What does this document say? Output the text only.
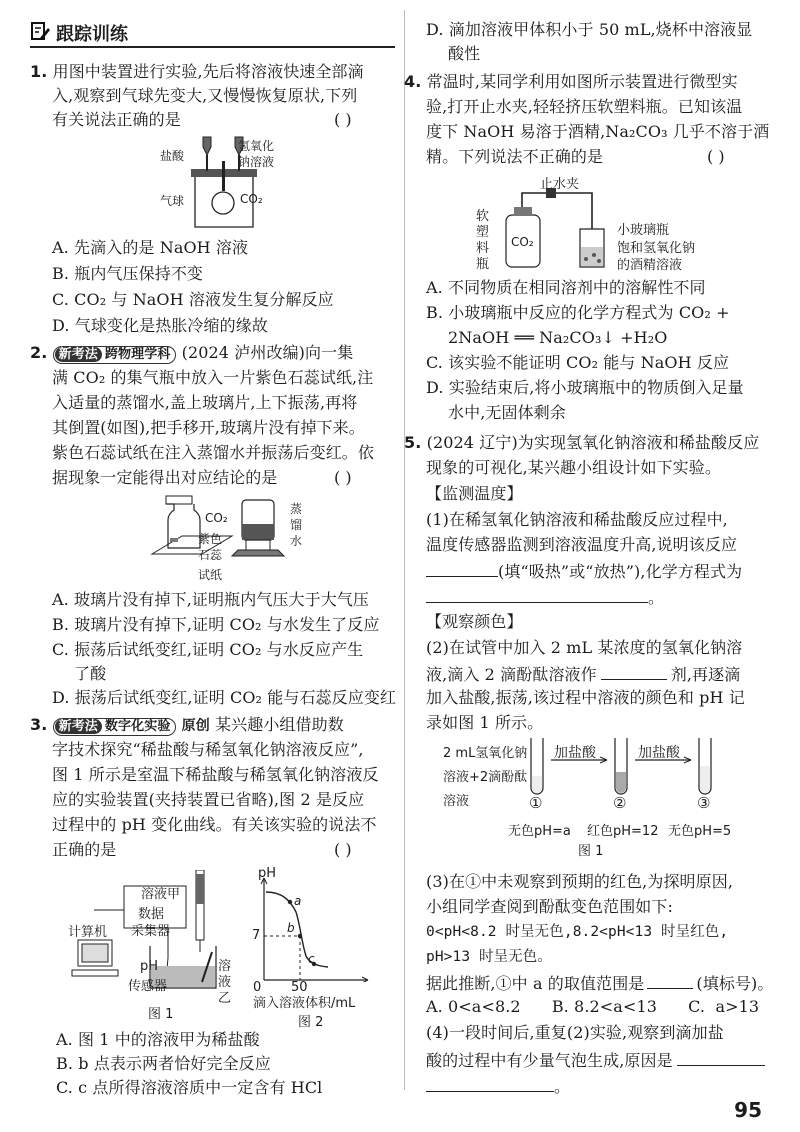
跟踪训练
1. 用图中装置进行实验,先后将溶液快速全部滴
入,观察到气球先变大,又慢慢恢复原状,下列
有关说法正确的是	( )
盐酸
氢氧化
钠溶液
气球	CO₂
A. 先滴入的是 NaOH 溶液
B. 瓶内气压保持不变
C. CO₂ 与 NaOH 溶液发生复分解反应
D. 气球变化是热胀冷缩的缘故
2. 新考法 跨物理学科 (2024 泸州改编)向一集
满 CO₂ 的集气瓶中放入一片紫色石蕊试纸,注
入适量的蒸馏水,盖上玻璃片,上下振荡,再将
其倒置(如图),把手移开,玻璃片没有掉下来。
紫色石蕊试纸在注入蒸馏水并振荡后变红。依
据现象一定能得出对应结论的是	( )
CO₂
紫色
石蕊
试纸
蒸
馏
水
A. 玻璃片没有掉下,证明瓶内气压大于大气压
B. 玻璃片没有掉下,证明 CO₂ 与水发生了反应
C. 振荡后试纸变红,证明 CO₂ 与水反应产生
了酸
D. 振荡后试纸变红,证明 CO₂ 能与石蕊反应变红
3. 新考法 数字化实验 原创 某兴趣小组借助数
字技术探究“稀盐酸与稀氢氧化钠溶液反应”,
图 1 所示是室温下稀盐酸与稀氢氧化钠溶液反
应的实验装置(夹持装置已省略),图 2 是反应
过程中的 pH 变化曲线。有关该实验的说法不
正确的是	( )
溶液甲
数据
采集器
计算机
pH
传感器
溶
液
乙
图 1
pH
7
0 50
a
b
c
滴入溶液体积/mL
图 2
A. 图 1 中的溶液甲为稀盐酸
B. b 点表示两者恰好完全反应
C. c 点所得溶液溶质中一定含有 HCl
D. 滴加溶液甲体积小于 50 mL,烧杯中溶液显
酸性
4. 常温时,某同学利用如图所示装置进行微型实
验,打开止水夹,轻轻挤压软塑料瓶。已知该温
度下 NaOH 易溶于酒精,Na₂CO₃ 几乎不溶于酒
精。下列说法不正确的是	( )
止水夹
软
塑
料
瓶
CO₂
小玻璃瓶
饱和氢氧化钠
的酒精溶液
A. 不同物质在相同溶剂中的溶解性不同
B. 小玻璃瓶中反应的化学方程式为 CO₂ +
2NaOH ══ Na₂CO₃↓ +H₂O
C. 该实验不能证明 CO₂ 能与 NaOH 反应
D. 实验结束后,将小玻璃瓶中的物质倒入足量
水中,无固体剩余
5. (2024 辽宁)为实现氢氧化钠溶液和稀盐酸反应
现象的可视化,某兴趣小组设计如下实验。
【监测温度】
(1)在稀氢氧化钠溶液和稀盐酸反应过程中,
温度传感器监测到溶液温度升高,说明该反应
(填“吸热”或“放热”),化学方程式为
。
【观察颜色】
(2)在试管中加入 2 mL 某浓度的氢氧化钠溶
液,滴入 2 滴酚酞溶液作	剂,再逐滴
加入盐酸,振荡,该过程中溶液的颜色和 pH 记
录如图 1 所示。
2 mL氢氧化钠
溶液+2滴酚酞
溶液
加盐酸	加盐酸
①	②	③
无色pH=a 红色pH=12 无色pH=5
图 1
(3)在①中未观察到预期的红色,为探明原因,
小组同学查阅到酚酞变色范围如下:
0<pH<8.2 时呈无色,8.2<pH<13 时呈红色,
pH>13 时呈无色。
据此推断,①中 a 的取值范围是	(填标号)。
A. 0<a<8.2      B. 8.2<a<13      C.  a>13
(4)一段时间后,重复(2)实验,观察到滴加盐
酸的过程中有少量气泡生成,原因是
。
95
